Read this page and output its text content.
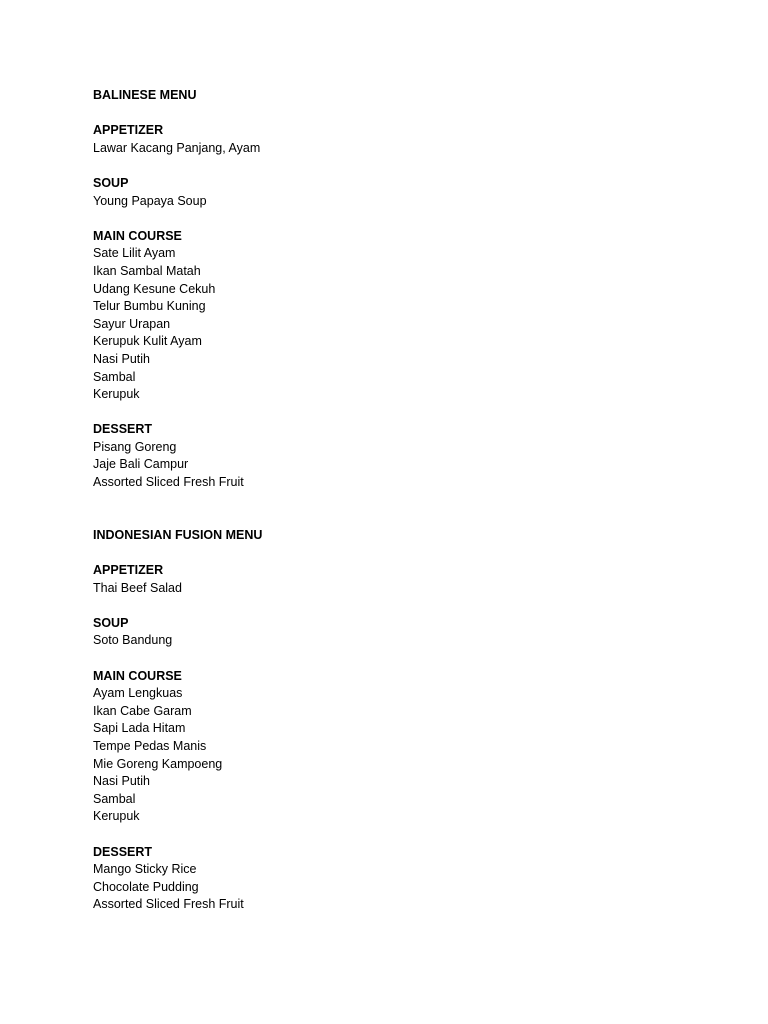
BALINESE MENU
APPETIZER
Lawar Kacang Panjang, Ayam
SOUP
Young Papaya Soup
MAIN COURSE
Sate Lilit Ayam
Ikan Sambal Matah
Udang Kesune Cekuh
Telur Bumbu Kuning
Sayur Urapan
Kerupuk Kulit Ayam
Nasi Putih
Sambal
Kerupuk
DESSERT
Pisang Goreng
Jaje Bali Campur
Assorted Sliced Fresh Fruit
INDONESIAN FUSION MENU
APPETIZER
Thai Beef Salad
SOUP
Soto Bandung
MAIN COURSE
Ayam Lengkuas
Ikan Cabe Garam
Sapi Lada Hitam
Tempe Pedas Manis
Mie Goreng Kampoeng
Nasi Putih
Sambal
Kerupuk
DESSERT
Mango Sticky Rice
Chocolate Pudding
Assorted Sliced Fresh Fruit
